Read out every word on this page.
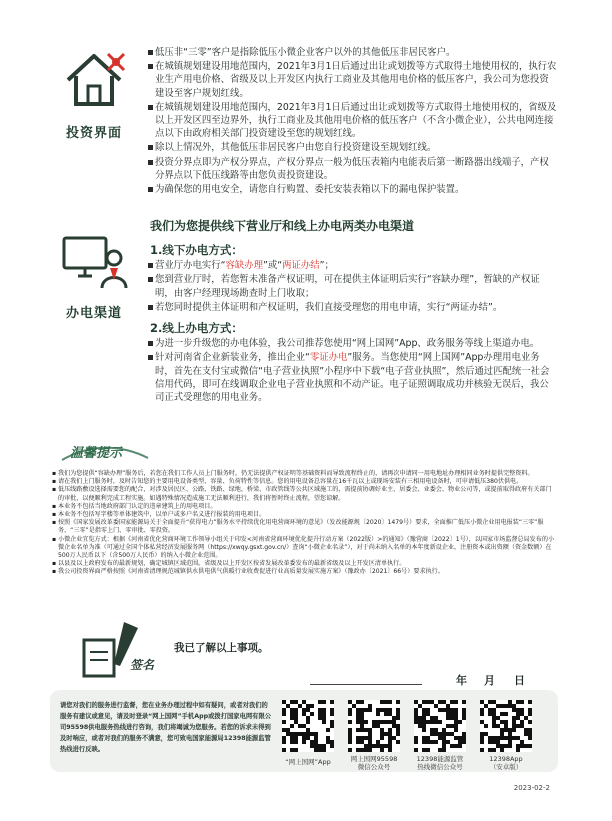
投资界面
低压非“三零”客户是指除低压小微企业客户以外的其他低压非居民客户。
在城镇规划建设用地范围内，2021年3月1日后通过出让或划拨等方式取得土地使用权的，执行农业生产用电价格、省级及以上开发区内执行工商业及其他用电价格的低压客户，我公司为您投资建设至客户规划红线。
在城镇规划建设用地范围内，2021年3月1日后通过出让或划拨等方式取得土地使用权的，省级及以上开发区四至边界外，执行工商业及其他用电价格的低压客户（不含小微企业），公共电网连接点以下由政府相关部门投资建设至您的规划红线。
除以上情况外，其他低压非居民客户由您自行投资建设至规划红线。
投资分界点即为产权分界点，产权分界点一般为低压表箱内电能表后第一断路器出线端子，产权分界点以下低压线路等由您负责投资建设。
为确保您的用电安全，请您自行购置、委托安装表箱以下的漏电保护装置。
办电渠道
我们为您提供线下营业厅和线上办电两类办电渠道
1.线下办电方式：
营业厅办电实行“容缺办理”或“两证办结”；
您到营业厅时，若您暂未准备产权证明，可在提供主体证明后实行“容缺办理”，暂缺的产权证明，由客户经理现场勘查时上门收取；
若您同时提供主体证明和产权证明，我们直接受理您的用电申请，实行“两证办结”。
2.线上办电方式：
为进一步升级您的办电体验，我公司推荐您使用“网上国网”App、政务服务等线上渠道办电。
针对河南省企业新装业务，推出企业“零证办电”服务。当您使用“网上国网”App办理用电业务时，首先在支付宝或微信“电子营业执照”小程序中下载“电子营业执照”，然后通过匹配统一社会信用代码，即可在线调取企业电子营业执照和不动产证。电子证照调取成功并核验无误后，我公司正式受理您的用电业务。
温馨提示
▪ 我们为您提供“容缺办理”服务后，若您在我们工作人员上门服务时，仍无法提供产权证明等基础资料而导致流程终止的，请再次申请同一用电地址办理相同业务时提供完整资料。
▪ 请在我们上门服务时，及时告知您的主要用电设备类型、容量、负荷特性等信息。您的用电设备总容量在16千瓦以上或现场安装有三相用电设备时，可申请低压380伏供电。
▪ 低压线路敷设选择需要您的配合，对涉及居民区、公路、铁路、绿地、桥梁、市政管线等公共区域施工的，需提前协调好业主、居委会、业委会、物业公司等，或提前取得政府有关部门的审批，以便顺利完成工程实施。如遇特殊情况造成施工无法顺利进行，我们将暂时终止流程，望您谅解。
▪ 本业务不包括当地政府部门认定的违章建筑上的用电项目。
▪ 本业务不包括写字楼等单体建筑中，以单户或多户名义进行报装的用电项目。
▪ 按照《国家发展改革委国家能源局关于全面提升“获得电力”服务水平持续优化用电营商环境的意见》（发改能源规〔2020〕1479号）要求，全面推广低压小微企业用电报装“三零”服务，“三零”是指零上门、零审批、零投资。
▪ 小微企业宜览方式：根据《河南省优化营商环境工作领导小组关于印发<河南省营商环境优化提升行动方案（2022版）>的通知》（豫营商〔2022〕1号），以国家市场监督总局发布的小微企业名单为准（可通过全国个体私营经济发展服务网（https://xwqy.gsxt.gov.cn/）查询“小微企业名录”），对于尚未纳入名单的本年度新设企业，注册资本或出资额（资金数额）在500万人民币以下（含500万人民币）的纳入小微企业范围。
▪ 以县及以上政府发布的最新规划，确定城镇区域范围。省级及以上开发区按省发展改革委发布的最新省级及以上开发区清单执行。
▪ 我公司投资界面严格按照《河南省清理规范城镇供水供电供气供暖行业收费促进行业高质量发展实施方案》（豫政办〔2021〕66号）要求执行。
签名
我已了解以上事项。
年 月 日
请您对我们的服务进行监督，您在业务办理过程中如有疑问，或者对我们的服务有建议或意见，请及时登录“网上国网”手机App或拨打国家电网有限公司95598供电服务热线进行咨询，我们将竭诚为您服务。若您的诉求未得到及时响应，或者对我们的服务不满意，您可致电国家能源局12398能源监管热线进行反映。
“网上国网”App	网上国网95598
微信公众号
12398能源监管
热线微信公众号
12398App
（安卓版）
2023-02-2
